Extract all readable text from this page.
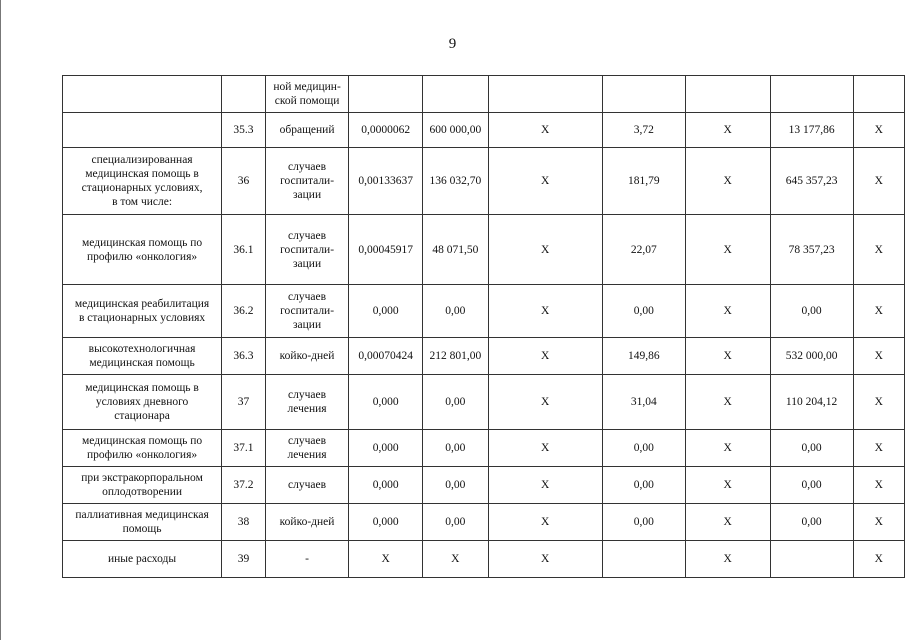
9
		ной медицин-
ской помощи							
	35.3	обращений	0,0000062	600 000,00	X	3,72	X	13 177,86	X
специализированная
медицинская помощь в
стационарных условиях,
в том числе:	36	случаев
госпитали-
зации	0,00133637	136 032,70	X	181,79	X	645 357,23	X
медицинская помощь по
профилю «онкология»	36.1	случаев
госпитали-
зации	0,00045917	48 071,50	X	22,07	X	78 357,23	X
медицинская реабилитация
в стационарных условиях	36.2	случаев
госпитали-
зации	0,000	0,00	X	0,00	X	0,00	X
высокотехнологичная
медицинская помощь	36.3	койко-дней	0,00070424	212 801,00	X	149,86	X	532 000,00	X
медицинская помощь в
условиях дневного
стационара	37	случаев
лечения	0,000	0,00	X	31,04	X	110 204,12	X
медицинская помощь по
профилю «онкология»	37.1	случаев
лечения	0,000	0,00	X	0,00	X	0,00	X
при экстракорпоральном
оплодотворении	37.2	случаев	0,000	0,00	X	0,00	X	0,00	X
паллиативная медицинская
помощь	38	койко-дней	0,000	0,00	X	0,00	X	0,00	X
иные расходы	39	-	X	X	X		X		X
